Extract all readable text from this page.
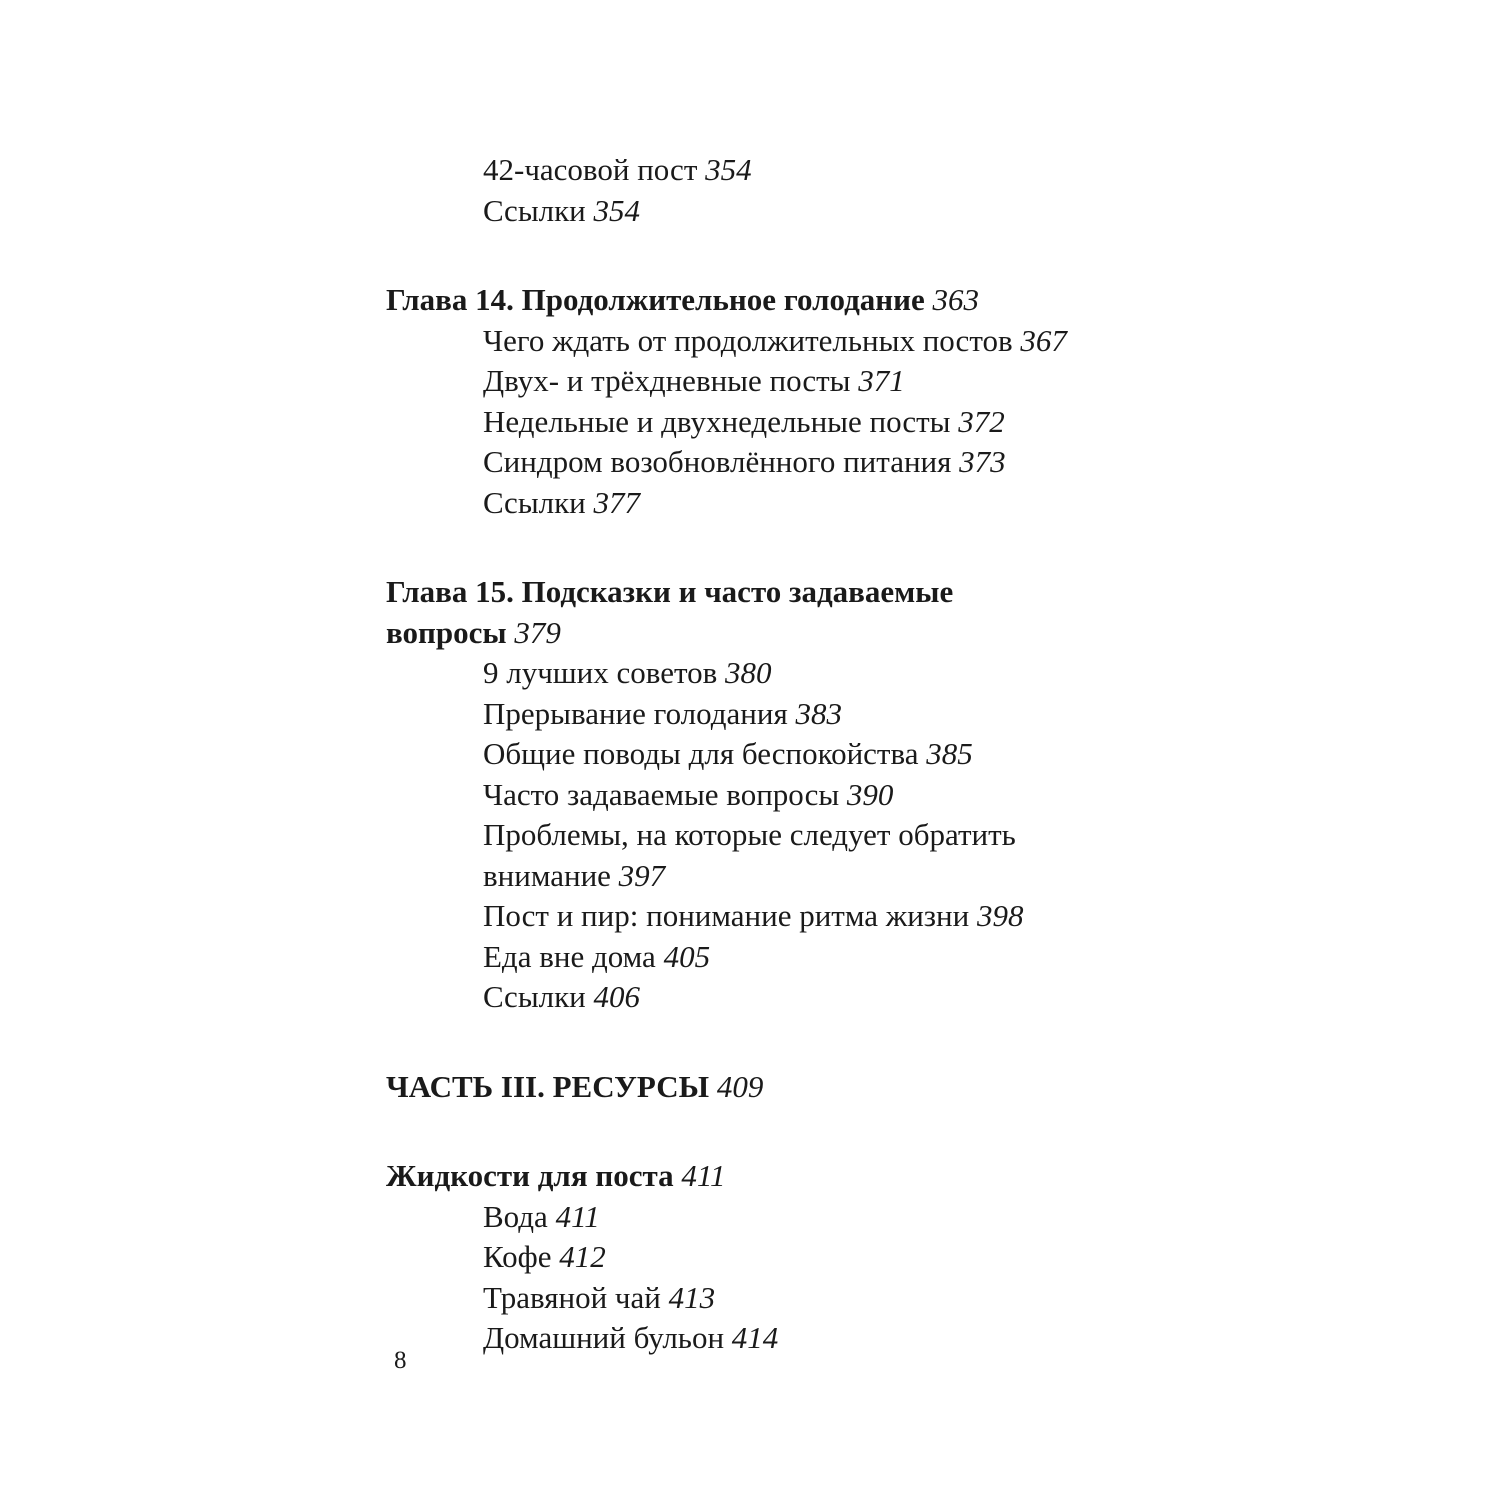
42-часовой пост 354
Ссылки 354
Глава 14. Продолжительное голодание 363
Чего ждать от продолжительных постов 367
Двух- и трёхдневные посты 371
Недельные и двухнедельные посты 372
Синдром возобновлённого питания 373
Ссылки 377
Глава 15. Подсказки и часто задаваемые вопросы 379
9 лучших советов 380
Прерывание голодания 383
Общие поводы для беспокойства 385
Часто задаваемые вопросы 390
Проблемы, на которые следует обратить внимание 397
Пост и пир: понимание ритма жизни 398
Еда вне дома 405
Ссылки 406
ЧАСТЬ III. РЕСУРСЫ 409
Жидкости для поста 411
Вода 411
Кофе 412
Травяной чай 413
Домашний бульон 414
8
